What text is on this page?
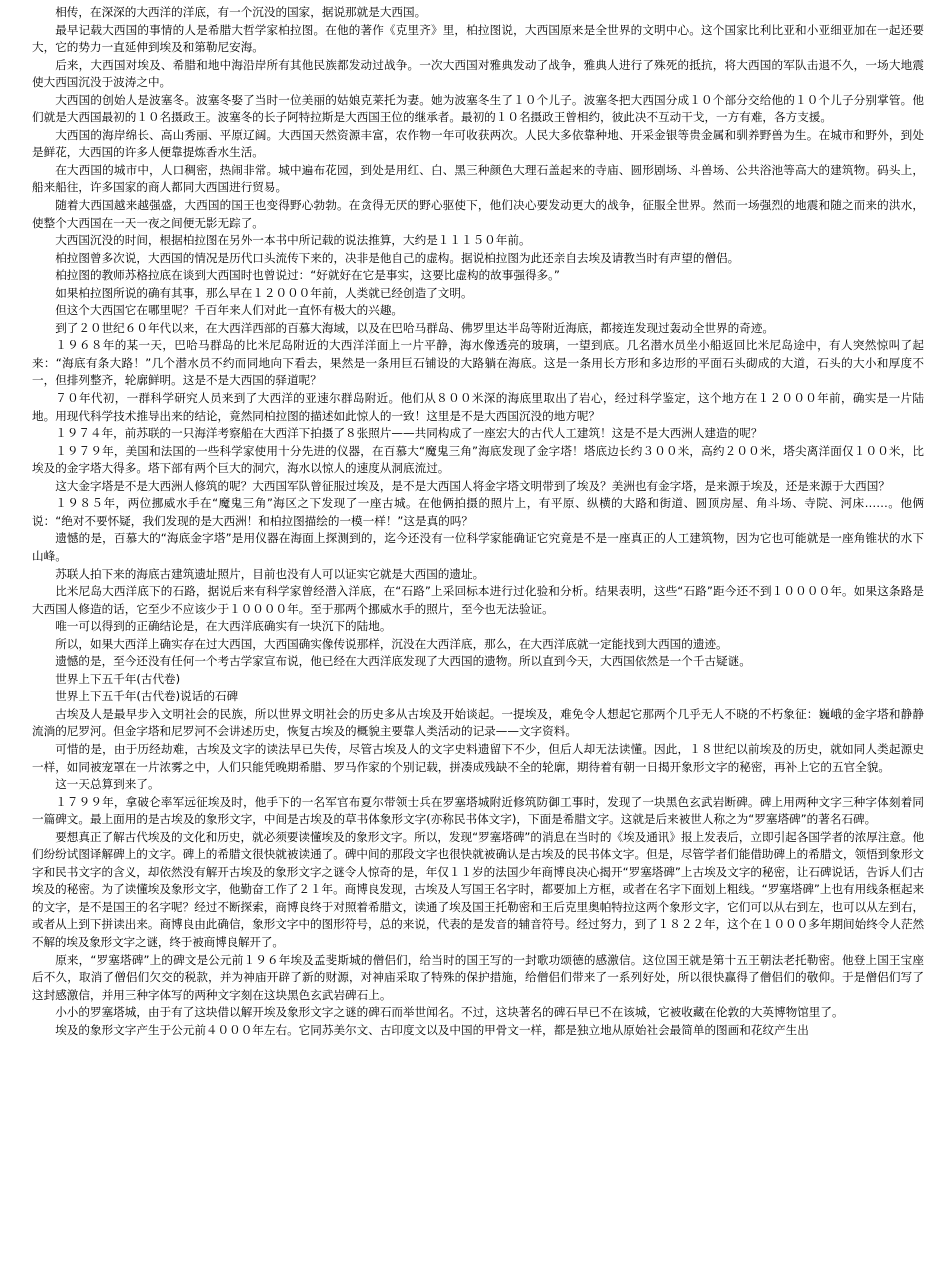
相传，在深深的大西洋的洋底，有一个沉没的国家，据说那就是大西国。

最早记载大西国的事情的人是希腊大哲学家柏拉图。在他的著作《克里齐》里，柏拉图说，大西国原来是全世界的文明中心。这个国家比利比亚和小亚细亚加在一起还要大，它的势力一直延伸到埃及和第勒尼安海。

后来，大西国对埃及、希腊和地中海沿岸所有其他民族都发动过战争。一次大西国对雅典发动了战争，雅典人进行了殊死的抵抗，将大西国的军队击退不久，一场大地震使大西国沉没于波涛之中。

大西国的创始人是波塞冬。波塞冬娶了当时一位美丽的姑娘克莱托为妻。她为波塞冬生了１０个儿子。波塞冬把大西国分成１０个部分交给他的１０个儿子分别掌管。他们就是大西国最初的１０名摄政王。波塞冬的长子阿特拉斯是大西国王位的继承者。最初的１０名摄政王曾相约，彼此决不互动干戈，一方有难，各方支援。

大西国的海岸绵长、高山秀丽、平原辽阔。大西国天然资源丰富，农作物一年可收获两次。人民大多依靠种地、开采金银等贵金属和驯养野兽为生。在城市和野外，到处是鲜花，大西国的许多人便靠提炼香水生活。

在大西国的城市中，人口稠密，热闹非常。城中遍布花园，到处是用红、白、黑三种颜色大理石盖起来的寺庙、圆形剧场、斗兽场、公共浴池等高大的建筑物。码头上，船来船往，许多国家的商人都同大西国进行贸易。

随着大西国越来越强盛，大西国的国王也变得野心勃勃。在贪得无厌的野心驱使下，他们决心要发动更大的战争，征服全世界。然而一场强烈的地震和随之而来的洪水，使整个大西国在一天一夜之间便无影无踪了。

大西国沉没的时间，根据柏拉图在另外一本书中所记载的说法推算，大约是１１１５０年前。

柏拉图曾多次说，大西国的情况是历代口头流传下来的，决非是他自己的虚构。据说柏拉图为此还亲自去埃及请教当时有声望的僧侣。

柏拉图的教师苏格拉底在谈到大西国时也曾说过：“好就好在它是事实，这要比虚构的故事强得多。”

如果柏拉图所说的确有其事，那么早在１２０００年前，人类就已经创造了文明。

但这个大西国它在哪里呢？千百年来人们对此一直怀有极大的兴趣。

到了２０世纪６０年代以来，在大西洋西部的百慕大海域，以及在巴哈马群岛、佛罗里达半岛等附近海底，都接连发现过轰动全世界的奇迹。

１９６８年的某一天，巴哈马群岛的比米尼岛附近的大西洋洋面上一片平静，海水像透亮的玻璃，一望到底。几名潜水员坐小船返回比米尼岛途中，有人突然惊叫了起来：“海底有条大路！”几个潜水员不约而同地向下看去，果然是一条用巨石铺设的大路躺在海底。这是一条用长方形和多边形的平面石头砌成的大道，石头的大小和厚度不一，但排列整齐，轮廓鲜明。这是不是大西国的驿道呢？

７０年代初，一群科学研究人员来到了大西洋的亚速尔群岛附近。他们从８００米深的海底里取出了岩心，经过科学鉴定，这个地方在１２０００年前，确实是一片陆地。用现代科学技术推导出来的结论，竟然同柏拉图的描述如此惊人的一致！这里是不是大西国沉没的地方呢？

１９７４年，前苏联的一只海洋考察船在大西洋下拍摄了８张照片——共同构成了一座宏大的古代人工建筑！这是不是大西洲人建造的呢？

１９７９年，美国和法国的一些科学家使用十分先进的仪器，在百慕大“魔鬼三角”海底发现了金字塔！塔底边长约３００米，高约２００米，塔尖离洋面仅１００米，比埃及的金字塔大得多。塔下部有两个巨大的洞穴，海水以惊人的速度从洞底流过。

这大金字塔是不是大西洲人修筑的呢？大西国军队曾征服过埃及，是不是大西国人将金字塔文明带到了埃及？美洲也有金字塔，是来源于埃及，还是来源于大西国？

１９８５年，两位挪威水手在“魔鬼三角”海区之下发现了一座古城。在他俩拍摄的照片上，有平原、纵横的大路和街道、圆顶房屋、角斗场、寺院、河床……。他俩说：“绝对不要怀疑，我们发现的是大西洲！和柏拉图描绘的一模一样！”这是真的吗？

遗憾的是，百慕大的“海底金字塔”是用仪器在海面上探测到的，迄今还没有一位科学家能确证它究竟是不是一座真正的人工建筑物，因为它也可能就是一座角锥状的水下山峰。

苏联人拍下来的海底古建筑遗址照片，目前也没有人可以证实它就是大西国的遗址。

比米尼岛大西洋底下的石路，据说后来有科学家曾经潜入洋底，在“石路”上采回标本进行过化验和分析。结果表明，这些“石路”距今还不到１００００年。如果这条路是大西国人修造的话，它至少不应该少于１００００年。至于那两个挪威水手的照片，至今也无法验证。

唯一可以得到的正确结论是，在大西洋底确实有一块沉下的陆地。

所以，如果大西洋上确实存在过大西国，大西国确实像传说那样，沉没在大西洋底，那么，在大西洋底就一定能找到大西国的遗迹。

遗憾的是，至今还没有任何一个考古学家宣布说，他已经在大西洋底发现了大西国的遗物。所以直到今天，大西国依然是一个千古疑谜。

世界上下五千年(古代卷)

世界上下五千年(古代卷)说话的石碑

古埃及人是最早步入文明社会的民族，所以世界文明社会的历史多从古埃及开始谈起。一提埃及，难免令人想起它那两个几乎无人不晓的不朽象征：巍峨的金字塔和静静流淌的尼罗河。但金字塔和尼罗河不会讲述历史，恢复古埃及的概貌主要靠人类活动的记录——文字资料。

可惜的是，由于历经劫难，古埃及文字的读法早已失传，尽管古埃及人的文字史料遗留下不少，但后人却无法读懂。因此，１８世纪以前埃及的历史，就如同人类起源史一样，如同被宠罩在一片浓雾之中，人们只能凭晚期希腊、罗马作家的个别记载，拼凑成残缺不全的轮廓，期待着有朝一日揭开象形文字的秘密，再补上它的五官全貌。

这一天总算到来了。

１７９９年，拿破仑率军远征埃及时，他手下的一名军官布夏尔带领士兵在罗塞塔城附近修筑防御工事时，发现了一块黑色玄武岩断碑。碑上用两种文字三种字体刻着同一篇碑文。最上面用的是古埃及的象形文字，中间是古埃及的草书体象形文字(亦称民书体文字)，下面是希腊文字。这就是后来被世人称之为“罗塞塔碑”的著名石碑。

要想真正了解古代埃及的文化和历史，就必须要读懂埃及的象形文字。所以，发现“罗塞塔碑”的消息在当时的《埃及通讯》报上发表后，立即引起各国学者的浓厚注意。他们纷纷试图译解碑上的文字。碑上的希腊文很快就被读通了。碑中间的那段文字也很快就被确认是古埃及的民书体文字。但是，尽管学者们能借助碑上的希腊文，领悟到象形文字和民书文字的含义，却依然没有解开古埃及的象形文字之谜令人惊奇的是，年仅１１岁的法国少年商博良决心揭开“罗塞塔碑”上古埃及文字的秘密，让石碑说话，告诉人们古埃及的秘密。为了读懂埃及象形文字，他勤奋工作了２１年。商博良发现，古埃及人写国王名字时，都要加上方框，或者在名字下面划上粗线。“罗塞塔碑”上也有用线条框起来的文字，是不是国王的名字呢？经过不断探索，商博良终于对照着希腊文，读通了埃及国王托勒密和王后克里奥帕特拉这两个象形文字，它们可以从右到左，也可以从左到右，或者从上到下拼读出来。商博良由此确信，象形文字中的图形符号，总的来说，代表的是发音的辅音符号。经过努力，到了１８２２年，这个在１０００多年期间始终令人茫然不解的埃及象形文字之谜，终于被商博良解开了。

原来，“罗塞塔碑”上的碑文是公元前１９６年埃及孟斐斯城的僧侣们，给当时的国王写的一封歌功颂德的感激信。这位国王就是第十五王朝法老托勒密。他登上国王宝座后不久，取消了僧侣们欠交的税款，并为神庙开辟了新的财源，对神庙采取了特殊的保护措施，给僧侣们带来了一系列好处，所以很快赢得了僧侣们的敬仰。于是僧侣们写了这封感激信，并用三种字体写的两种文字刻在这块黑色玄武岩碑石上。

小小的罗塞塔城，由于有了这块借以解开埃及象形文字之谜的碑石而举世闻名。不过，这块著名的碑石早已不在该城，它被收藏在伦敦的大英博物馆里了。

埃及的象形文字产生于公元前４０００年左右。它同苏美尔文、古印度文以及中国的甲骨文一样，都是独立地从原始社会最简单的图画和花纹产生出
